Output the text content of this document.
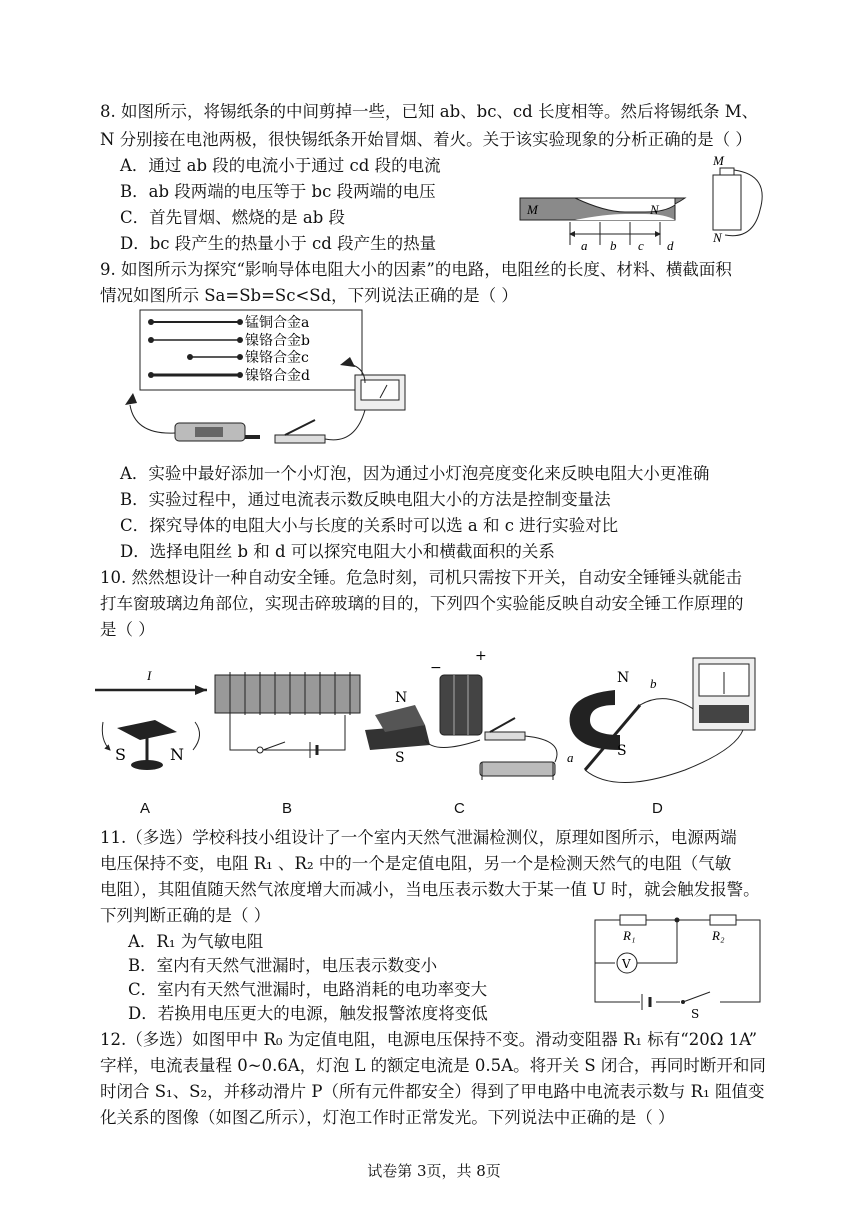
8. 如图所示，将锡纸条的中间剪掉一些，已知 ab、bc、cd 长度相等。然后将锡纸条 M、
N 分别接在电池两极，很快锡纸条开始冒烟、着火。关于该实验现象的分析正确的是（ ）
A．通过 ab 段的电流小于通过 cd 段的电流
B．ab 段两端的电压等于 bc 段两端的电压
C．首先冒烟、燃烧的是 ab 段
D．bc 段产生的热量小于 cd 段产生的热量
M	N
a b c d
M
N
9. 如图所示为探究“影响导体电阻大小的因素”的电路，电阻丝的长度、材料、横截面积
情况如图所示 Sa=Sb=Sc<Sd，下列说法正确的是（ ）
锰铜合金a
镍铬合金b
镍铬合金c
镍铬合金d
A．实验中最好添加一个小灯泡，因为通过小灯泡亮度变化来反映电阻大小更准确
B．实验过程中，通过电流表示数反映电阻大小的方法是控制变量法
C．探究导体的电阻大小与长度的关系时可以选 a 和 c 进行实验对比
D．选择电阻丝 b 和 d 可以探究电阻大小和横截面积的关系
10. 然然想设计一种自动安全锤。危急时刻，司机只需按下开关，自动安全锤锤头就能击
打车窗玻璃边角部位，实现击碎玻璃的目的，下列四个实验能反映自动安全锤工作原理的
是（ ）
I
S	N
−
+
N
S	a
N
S
b
A	B	C	D
11.（多选）学校科技小组设计了一个室内天然气泄漏检测仪，原理如图所示，电源两端
电压保持不变，电阻 R₁ 、R₂ 中的一个是定值电阻，另一个是检测天然气的电阻（气敏
电阻），其阻值随天然气浓度增大而减小，当电压表示数大于某一值 U 时，就会触发报警。
下列判断正确的是（ ）
A．R₁ 为气敏电阻
B．室内有天然气泄漏时，电压表示数变小
C．室内有天然气泄漏时，电路消耗的电功率变大
D．若换用电压更大的电源，触发报警浓度将变低
V
R₁	R₂
S
12.（多选）如图甲中 R₀ 为定值电阻，电源电压保持不变。滑动变阻器 R₁ 标有“20Ω 1A”
字样，电流表量程 0~0.6A，灯泡 L 的额定电流是 0.5A。将开关 S 闭合，再同时断开和同
时闭合 S₁、S₂，并移动滑片 P（所有元件都安全）得到了甲电路中电流表示数与 R₁ 阻值变
化关系的图像（如图乙所示），灯泡工作时正常发光。下列说法中正确的是（ ）
试卷第 3页，共 8页
